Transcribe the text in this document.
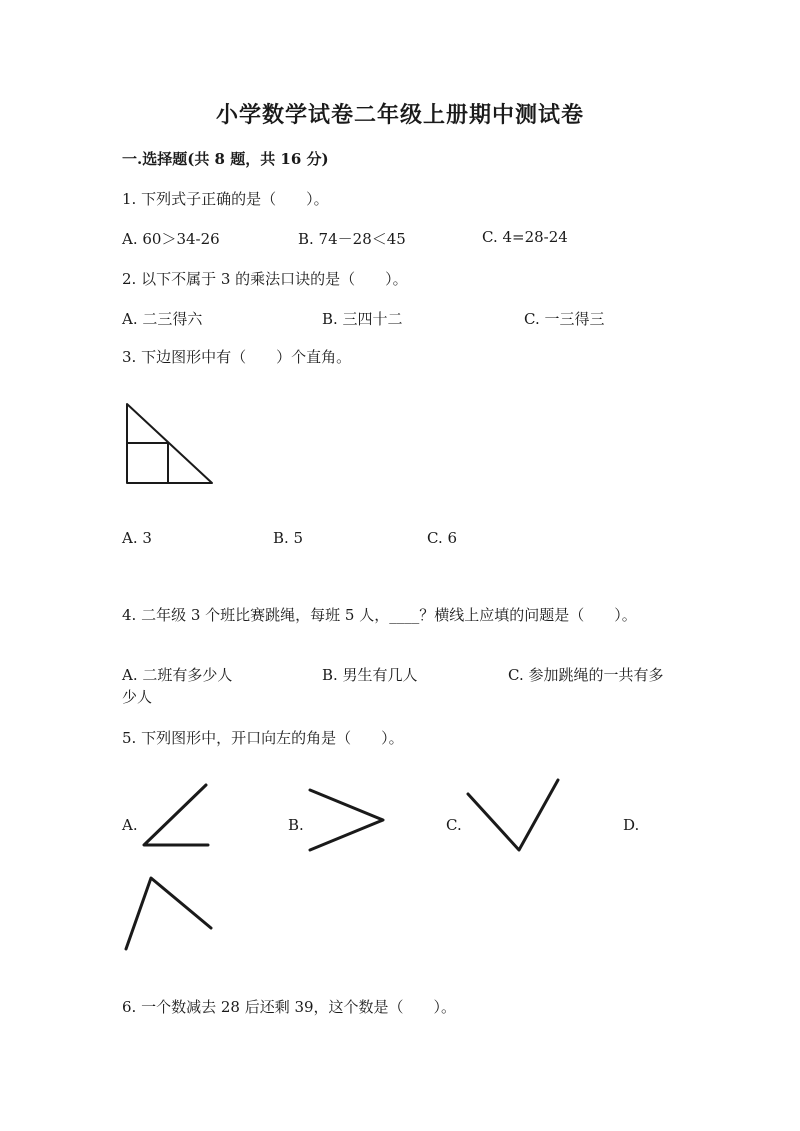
小学数学试卷二年级上册期中测试卷
一.选择题(共 8 题，共 16 分)
1. 下列式子正确的是（　　）。
A. 60＞34-26	B. 74－28＜45	C. 4=28-24
2. 以下不属于 3 的乘法口诀的是（　　）。
A. 二三得六	B. 三四十二	C. 一三得三
3. 下边图形中有（　　）个直角。
A. 3	B. 5	C. 6
4. 二年级 3 个班比赛跳绳，每班 5 人，____？横线上应填的问题是（　　）。
A. 二班有多少人	B. 男生有几人	C. 参加跳绳的一共有多
少人
5. 下列图形中，开口向左的角是（　　）。
A.	B.	C.	D.
6. 一个数减去 28 后还剩 39，这个数是（　　）。
